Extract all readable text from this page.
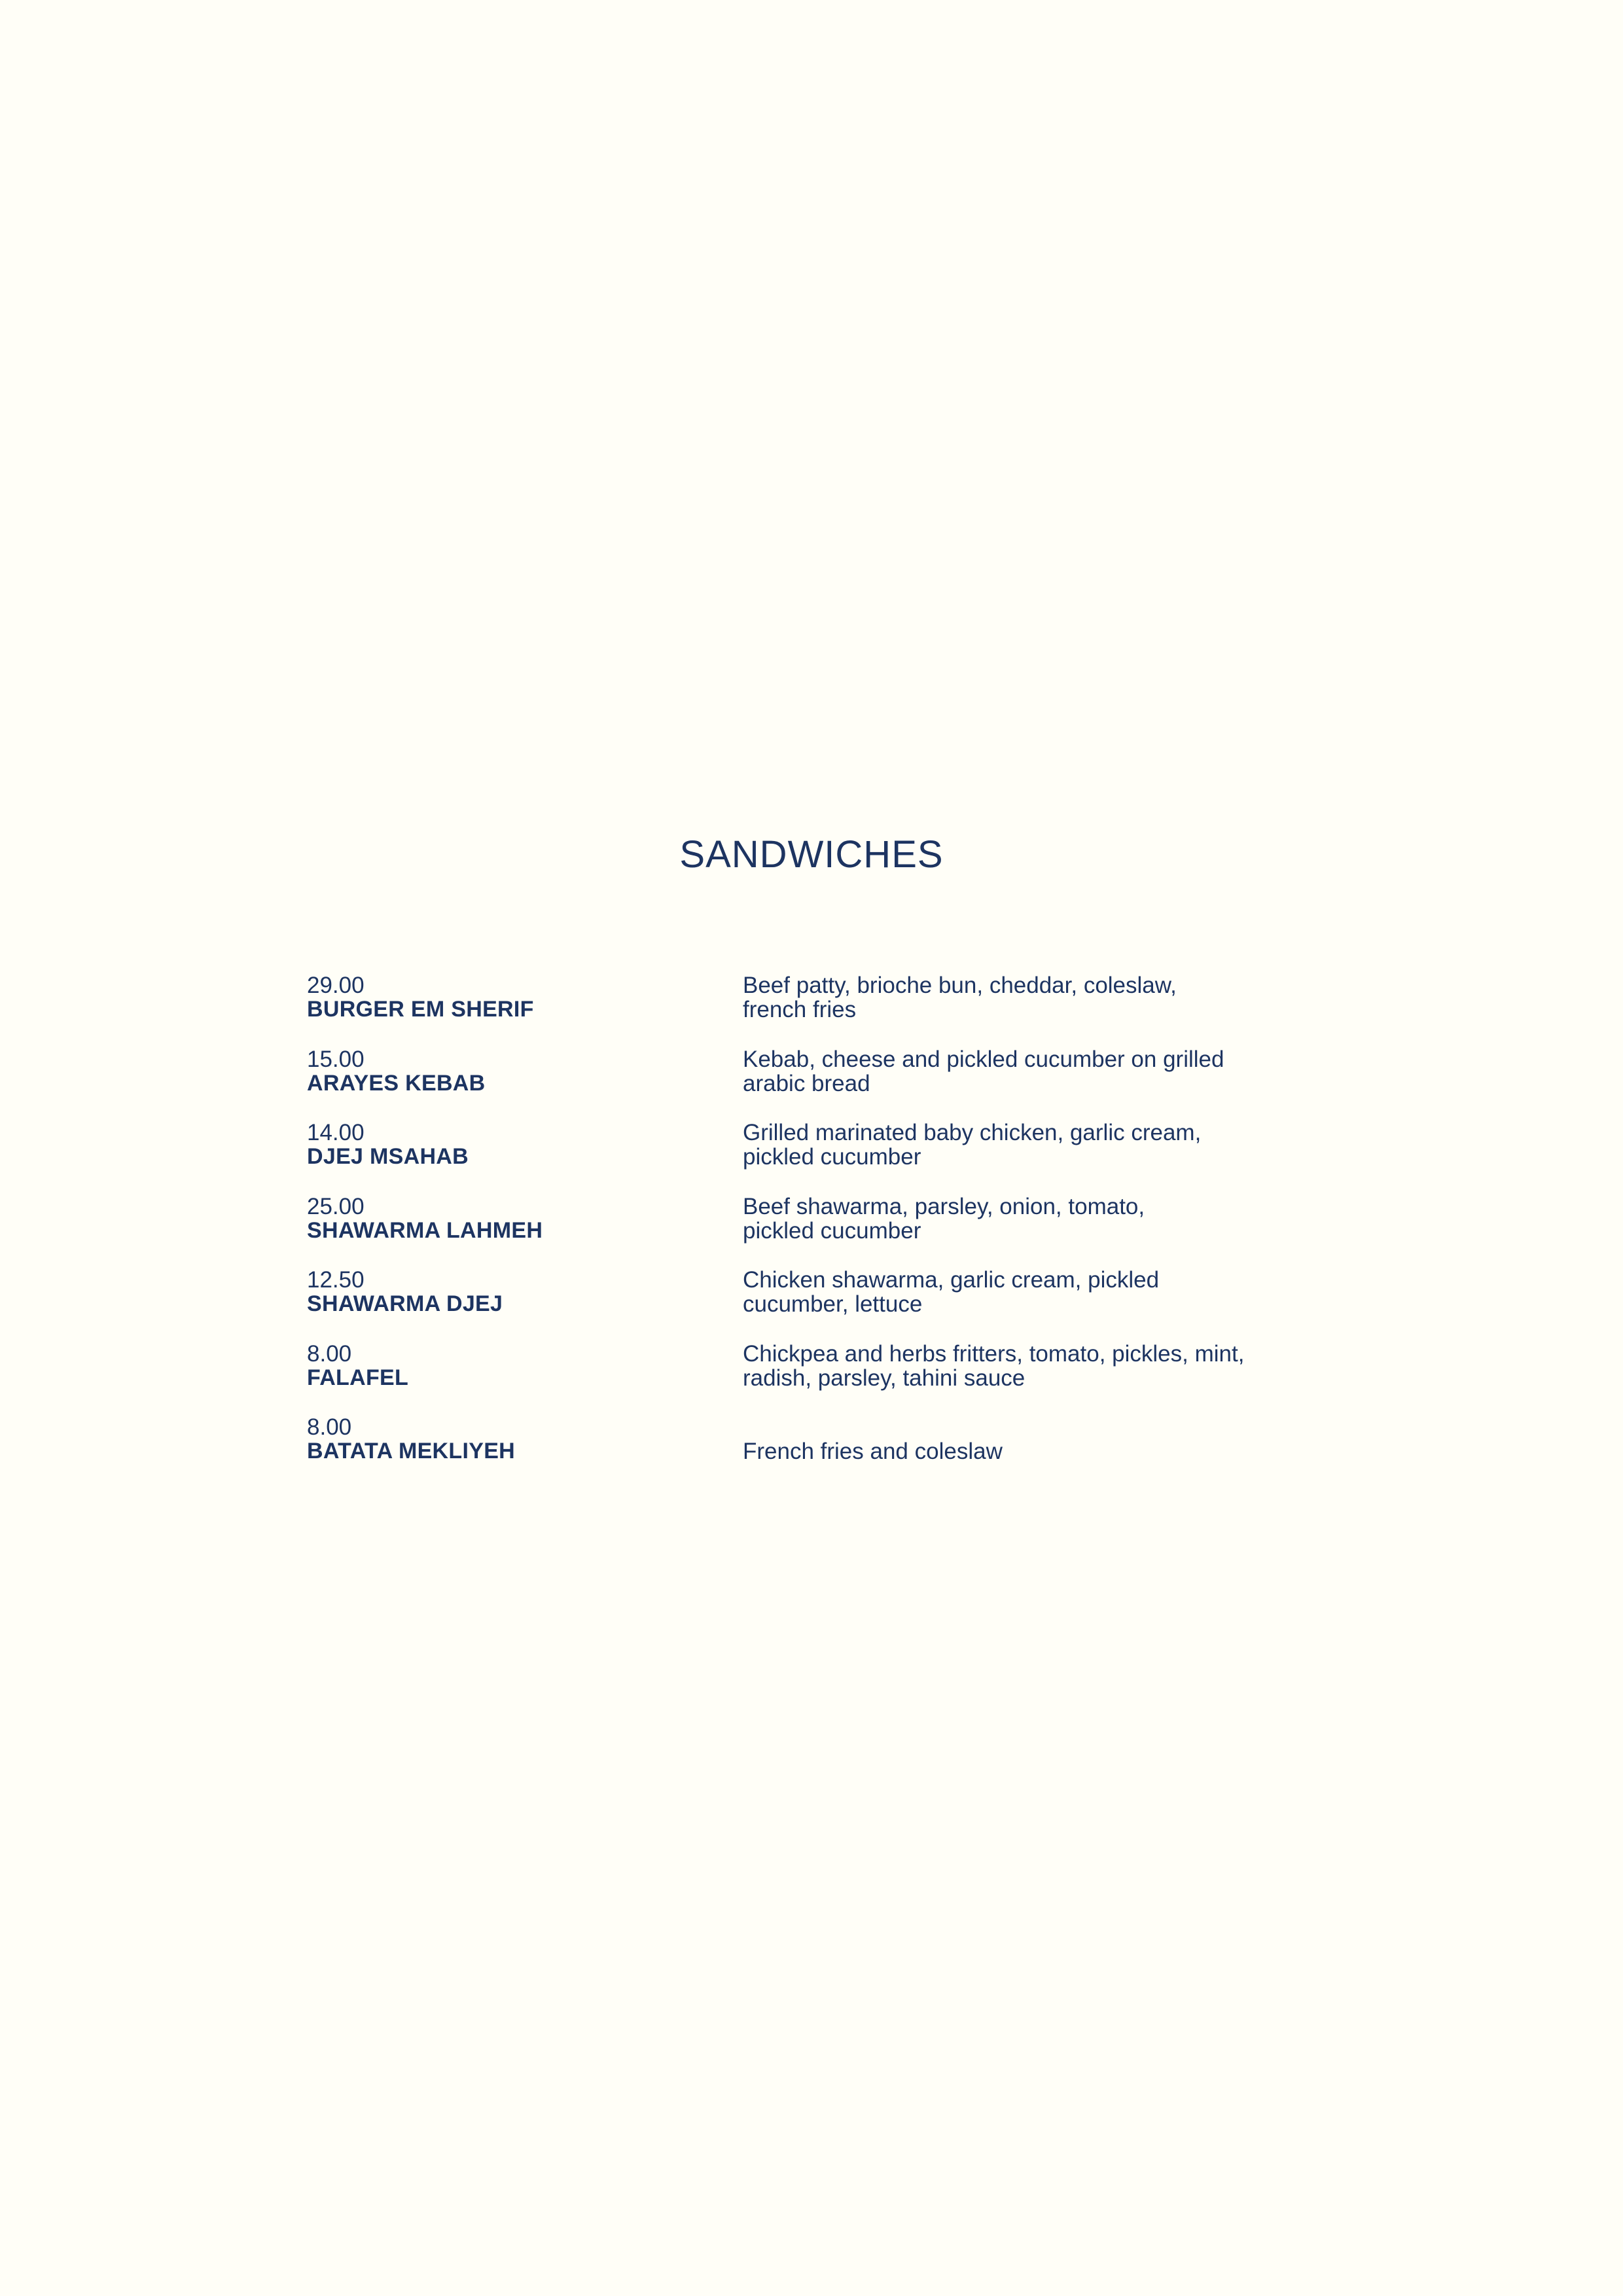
SANDWICHES
29.00
BURGER EM SHERIF
Beef patty, brioche bun, cheddar, coleslaw,
french fries
15.00
ARAYES KEBAB
Kebab, cheese and pickled cucumber on grilled
arabic bread
14.00
DJEJ MSAHAB
Grilled marinated baby chicken, garlic cream,
pickled cucumber
25.00
SHAWARMA LAHMEH
Beef shawarma, parsley, onion, tomato,
pickled cucumber
12.50
SHAWARMA DJEJ
Chicken shawarma, garlic cream, pickled
cucumber, lettuce
8.00
FALAFEL
Chickpea and herbs fritters, tomato, pickles, mint,
radish, parsley, tahini sauce
8.00
BATATA MEKLIYEH	French fries and coleslaw
